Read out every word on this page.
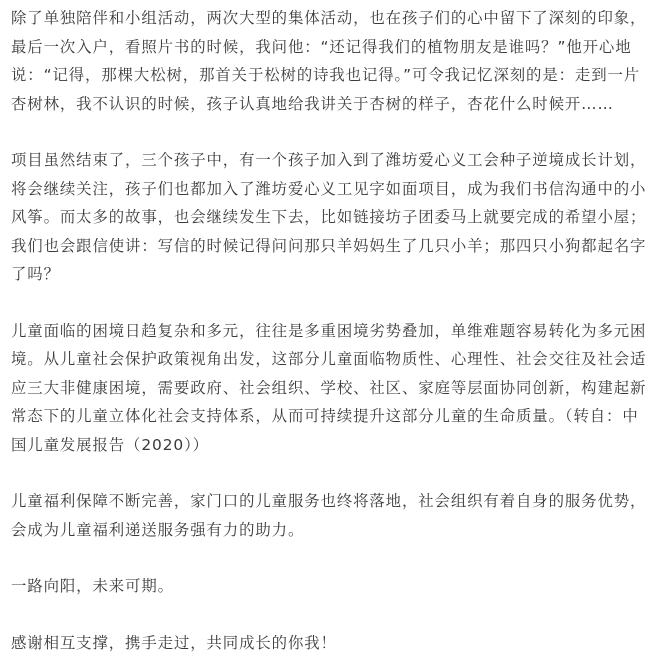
除了单独陪伴和小组活动，两次大型的集体活动，也在孩子们的心中留下了深刻的印象，
最后一次入户，看照片书的时候，我问他：“还记得我们的植物朋友是谁吗？”他开心地
说：“记得，那棵大松树，那首关于松树的诗我也记得。”可令我记忆深刻的是：走到一片
杏树林，我不认识的时候，孩子认真地给我讲关于杏树的样子，杏花什么时候开……
项目虽然结束了，三个孩子中，有一个孩子加入到了潍坊爱心义工会种子逆境成长计划，
将会继续关注，孩子们也都加入了潍坊爱心义工见字如面项目，成为我们书信沟通中的小
风筝。而太多的故事，也会继续发生下去，比如链接坊子团委马上就要完成的希望小屋；
我们也会跟信使讲：写信的时候记得问问那只羊妈妈生了几只小羊；那四只小狗都起名字
了吗？
儿童面临的困境日趋复杂和多元，往往是多重困境劣势叠加，单维难题容易转化为多元困
境。从儿童社会保护政策视角出发，这部分儿童面临物质性、心理性、社会交往及社会适
应三大非健康困境，需要政府、社会组织、学校、社区、家庭等层面协同创新，构建起新
常态下的儿童立体化社会支持体系，从而可持续提升这部分儿童的生命质量。（转自：中
国儿童发展报告（2020））
儿童福利保障不断完善，家门口的儿童服务也终将落地，社会组织有着自身的服务优势，
会成为儿童福利递送服务强有力的助力。
一路向阳，未来可期。
感谢相互支撑，携手走过，共同成长的你我！
